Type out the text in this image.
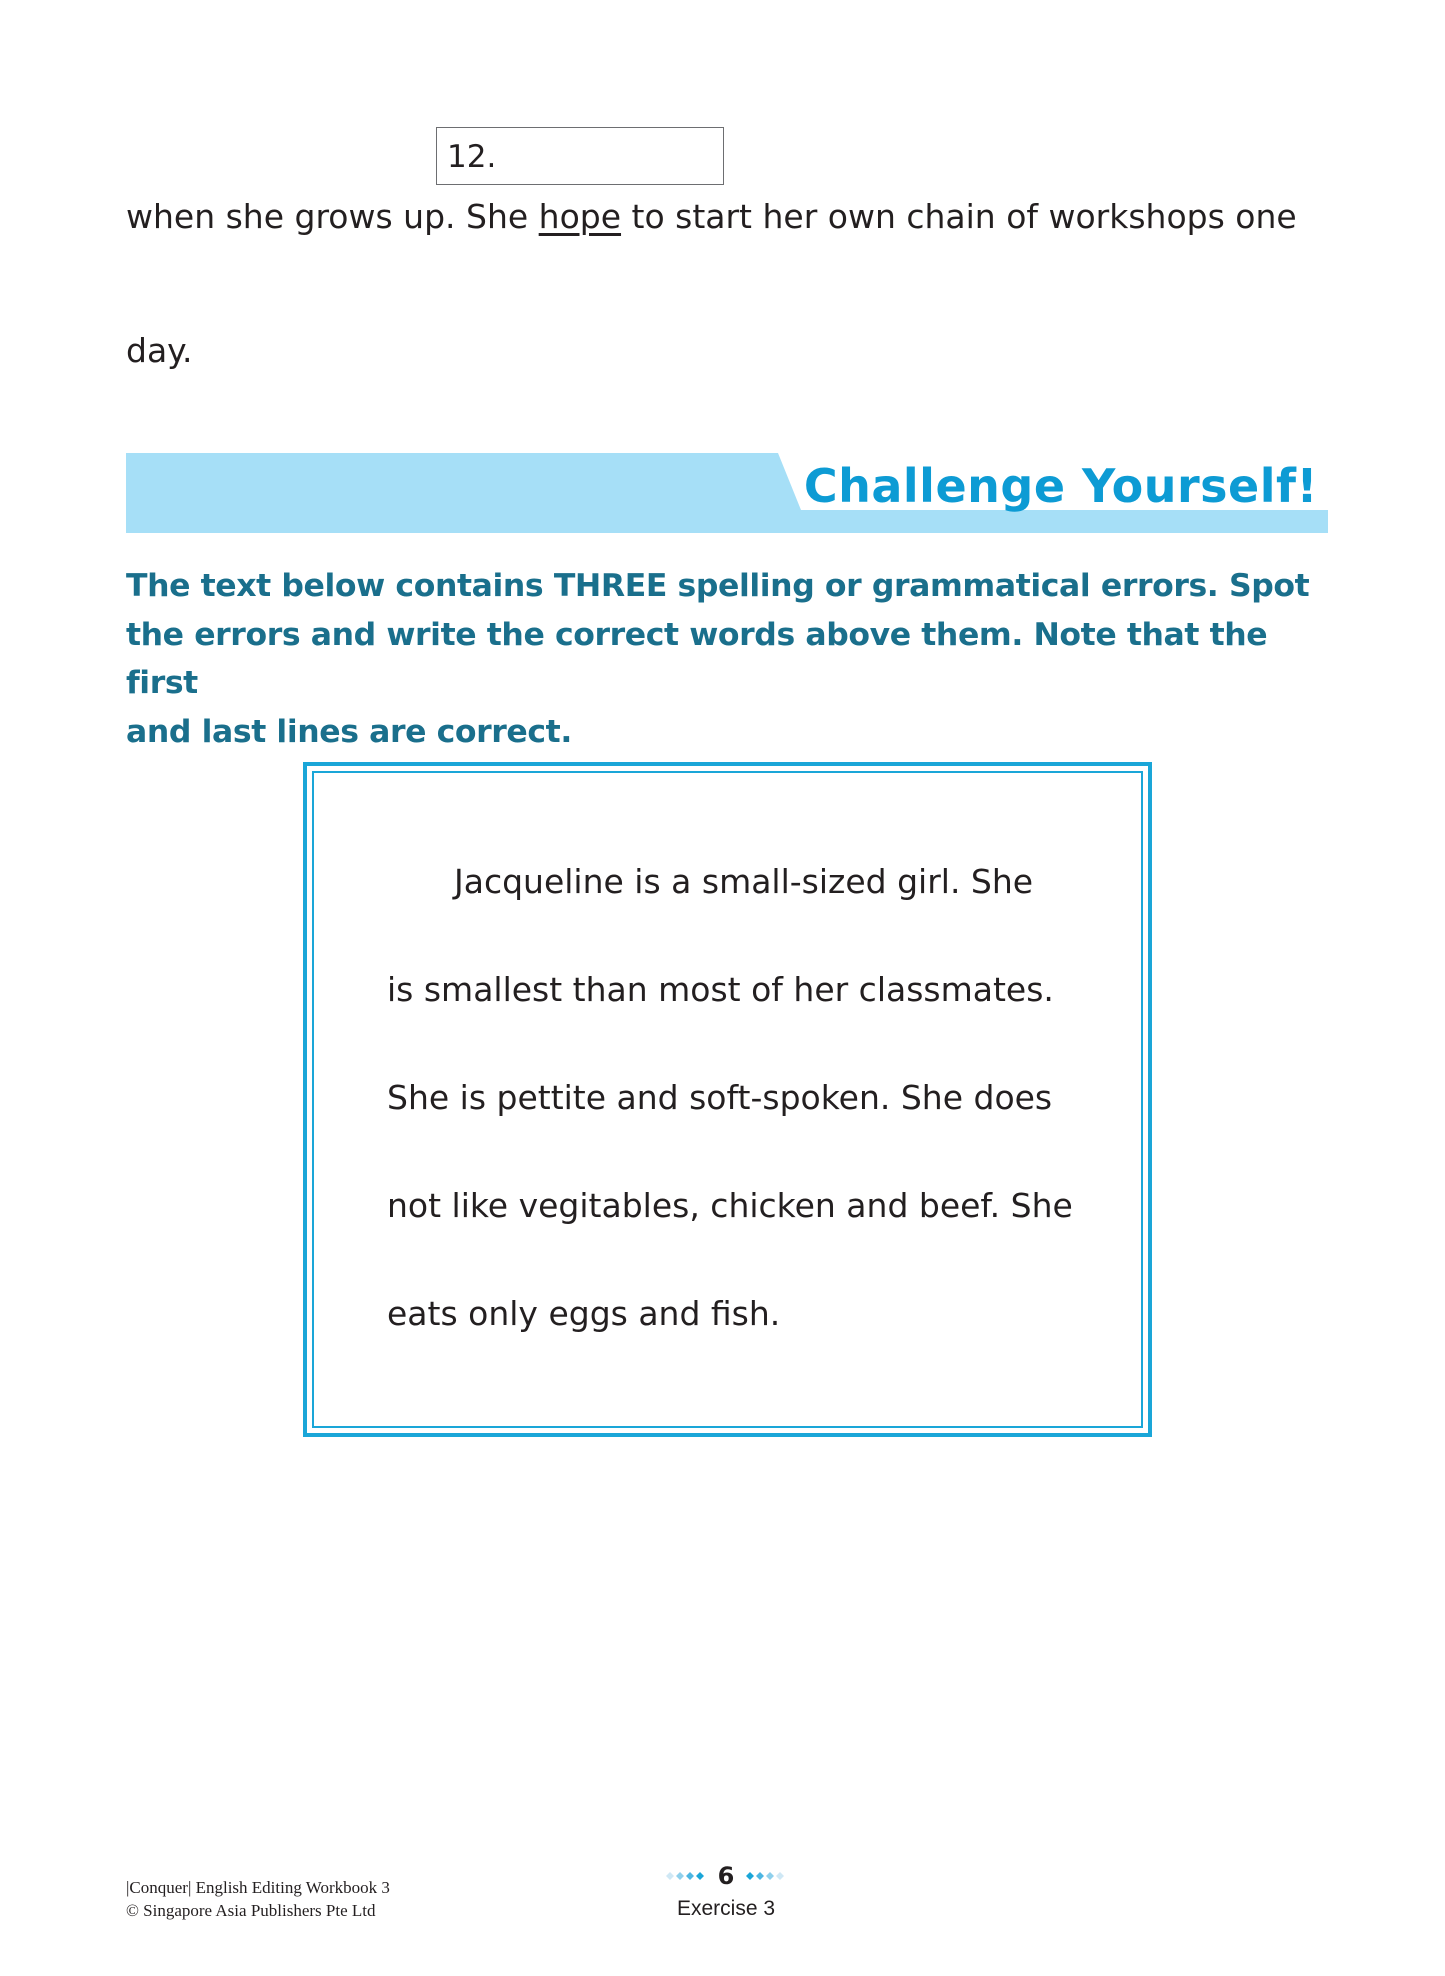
12.
when she grows up. She hope to start her own chain of workshops one
day.
Challenge Yourself!
The text below contains THREE spelling or grammatical errors. Spot
the errors and write the correct words above them. Note that the first
and last lines are correct.
Jacqueline is a small-sized girl. She
is smallest than most of her classmates.
She is pettite and soft-spoken. She does
not like vegitables, chicken and beef. She
eats only eggs and fish.
|Conquer| English Editing Workbook 3
© Singapore Asia Publishers Pte Ltd
6
Exercise 3
